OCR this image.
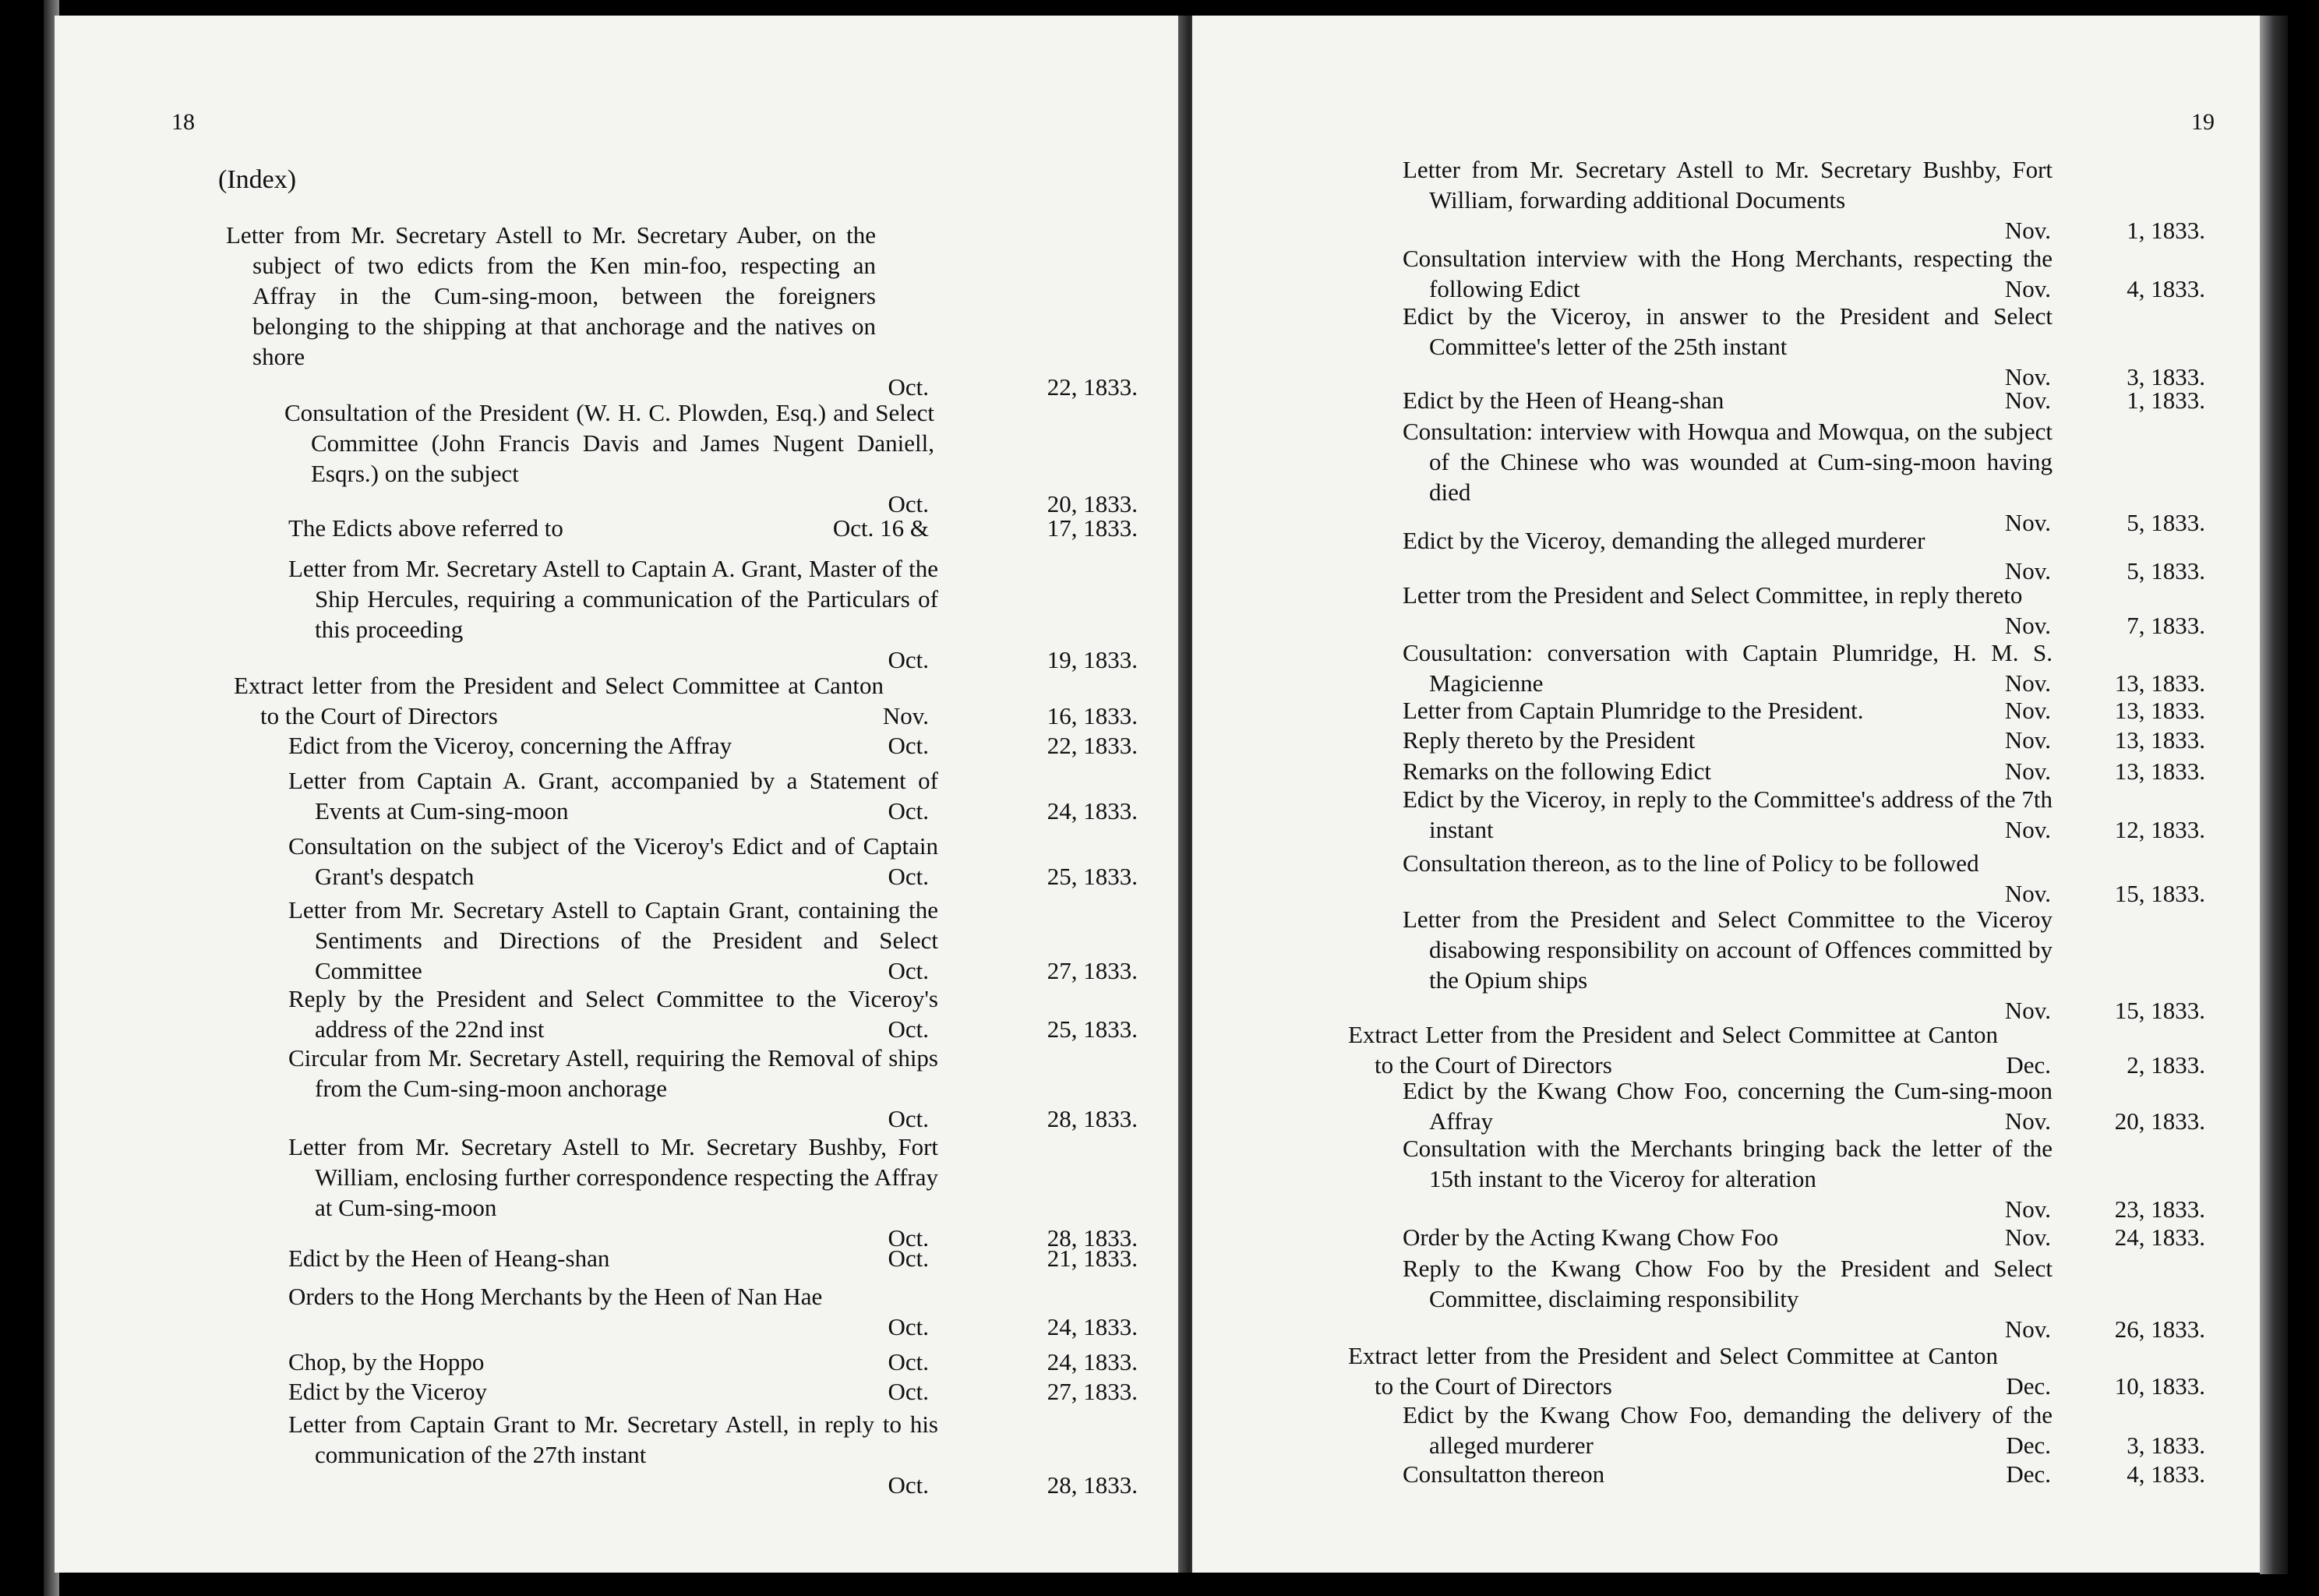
18
(Index)
Letter from Mr. Secretary Astell to Mr. Secretary Auber, on the subject of two edicts from the Ken min-foo, respecting an Affray in the Cum-sing-moon, between the foreigners belonging to the shipping at that anchorage and the natives on shore
Oct.	22, 1833.
Consultation of the President (W. H. C. Plowden, Esq.) and Select Committee (John Francis Davis and James Nugent Daniell, Esqrs.) on the subject
Oct.	20, 1833.
The Edicts above referred to	Oct. 16 &	17, 1833.
Letter from Mr. Secretary Astell to Captain A. Grant, Master of the Ship Hercules, requiring a communication of the Particulars of this proceeding
Oct.	19, 1833.
Extract letter from the President and Select Committee at Canton to the Court of Directors	Nov.	16, 1833.
Edict from the Viceroy, concerning the Affray	Oct.	22, 1833.
Letter from Captain A. Grant, accompanied by a Statement of Events at Cum-sing-moon	Oct.	24, 1833.
Consultation on the subject of the Viceroy's Edict and of Captain Grant's despatch	Oct.	25, 1833.
Letter from Mr. Secretary Astell to Captain Grant, containing the Sentiments and Directions of the President and Select Committee	Oct.	27, 1833.
Reply by the President and Select Committee to the Viceroy's address of the 22nd inst	Oct.	25, 1833.
Circular from Mr. Secretary Astell, requiring the Removal of ships from the Cum-sing-moon anchorage
Oct.	28, 1833.
Letter from Mr. Secretary Astell to Mr. Secretary Bushby, Fort William, enclosing further correspondence respecting the Affray at Cum-sing-moon
Oct.	28, 1833.
Edict by the Heen of Heang-shan	Oct.	21, 1833.
Orders to the Hong Merchants by the Heen of Nan Hae
Oct.	24, 1833.
Chop, by the Hoppo	Oct.	24, 1833.
Edict by the Viceroy	Oct.	27, 1833.
Letter from Captain Grant to Mr. Secretary Astell, in reply to his communication of the 27th instant
Oct.	28, 1833.
19
Letter from Mr. Secretary Astell to Mr. Secretary Bushby, Fort William, forwarding additional Documents
Nov.	1, 1833.
Consultation interview with the Hong Merchants, respecting the following Edict	Nov.	4, 1833.
Edict by the Viceroy, in answer to the President and Select Committee's letter of the 25th instant
Nov.	3, 1833.
Edict by the Heen of Heang-shan	Nov.	1, 1833.
Consultation: interview with Howqua and Mowqua, on the subject of the Chinese who was wounded at Cum-sing-moon having died
Nov.	5, 1833.
Edict by the Viceroy, demanding the alleged murderer
Nov.	5, 1833.
Letter trom the President and Select Committee, in reply thereto
Nov.	7, 1833.
Cousultation: conversation with Captain Plumridge, H. M. S. Magicienne	Nov.	13, 1833.
Letter from Captain Plumridge to the President.	Nov.	13, 1833.
Reply thereto by the President	Nov.	13, 1833.
Remarks on the following Edict	Nov.	13, 1833.
Edict by the Viceroy, in reply to the Committee's address of the 7th instant	Nov.	12, 1833.
Consultation thereon, as to the line of Policy to be followed
Nov.	15, 1833.
Letter from the President and Select Committee to the Viceroy disabowing responsibility on account of Offences committed by the Opium ships
Nov.	15, 1833.
Extract Letter from the President and Select Committee at Canton to the Court of Directors	Dec.	2, 1833.
Edict by the Kwang Chow Foo, concerning the Cum-sing-moon Affray	Nov.	20, 1833.
Consultation with the Merchants bringing back the letter of the 15th instant to the Viceroy for alteration
Nov.	23, 1833.
Order by the Acting Kwang Chow Foo	Nov.	24, 1833.
Reply to the Kwang Chow Foo by the President and Select Committee, disclaiming responsibility
Nov.	26, 1833.
Extract letter from the President and Select Committee at Canton to the Court of Directors	Dec.	10, 1833.
Edict by the Kwang Chow Foo, demanding the delivery of the alleged murderer	Dec.	3, 1833.
Consultatton thereon	Dec.	4, 1833.
